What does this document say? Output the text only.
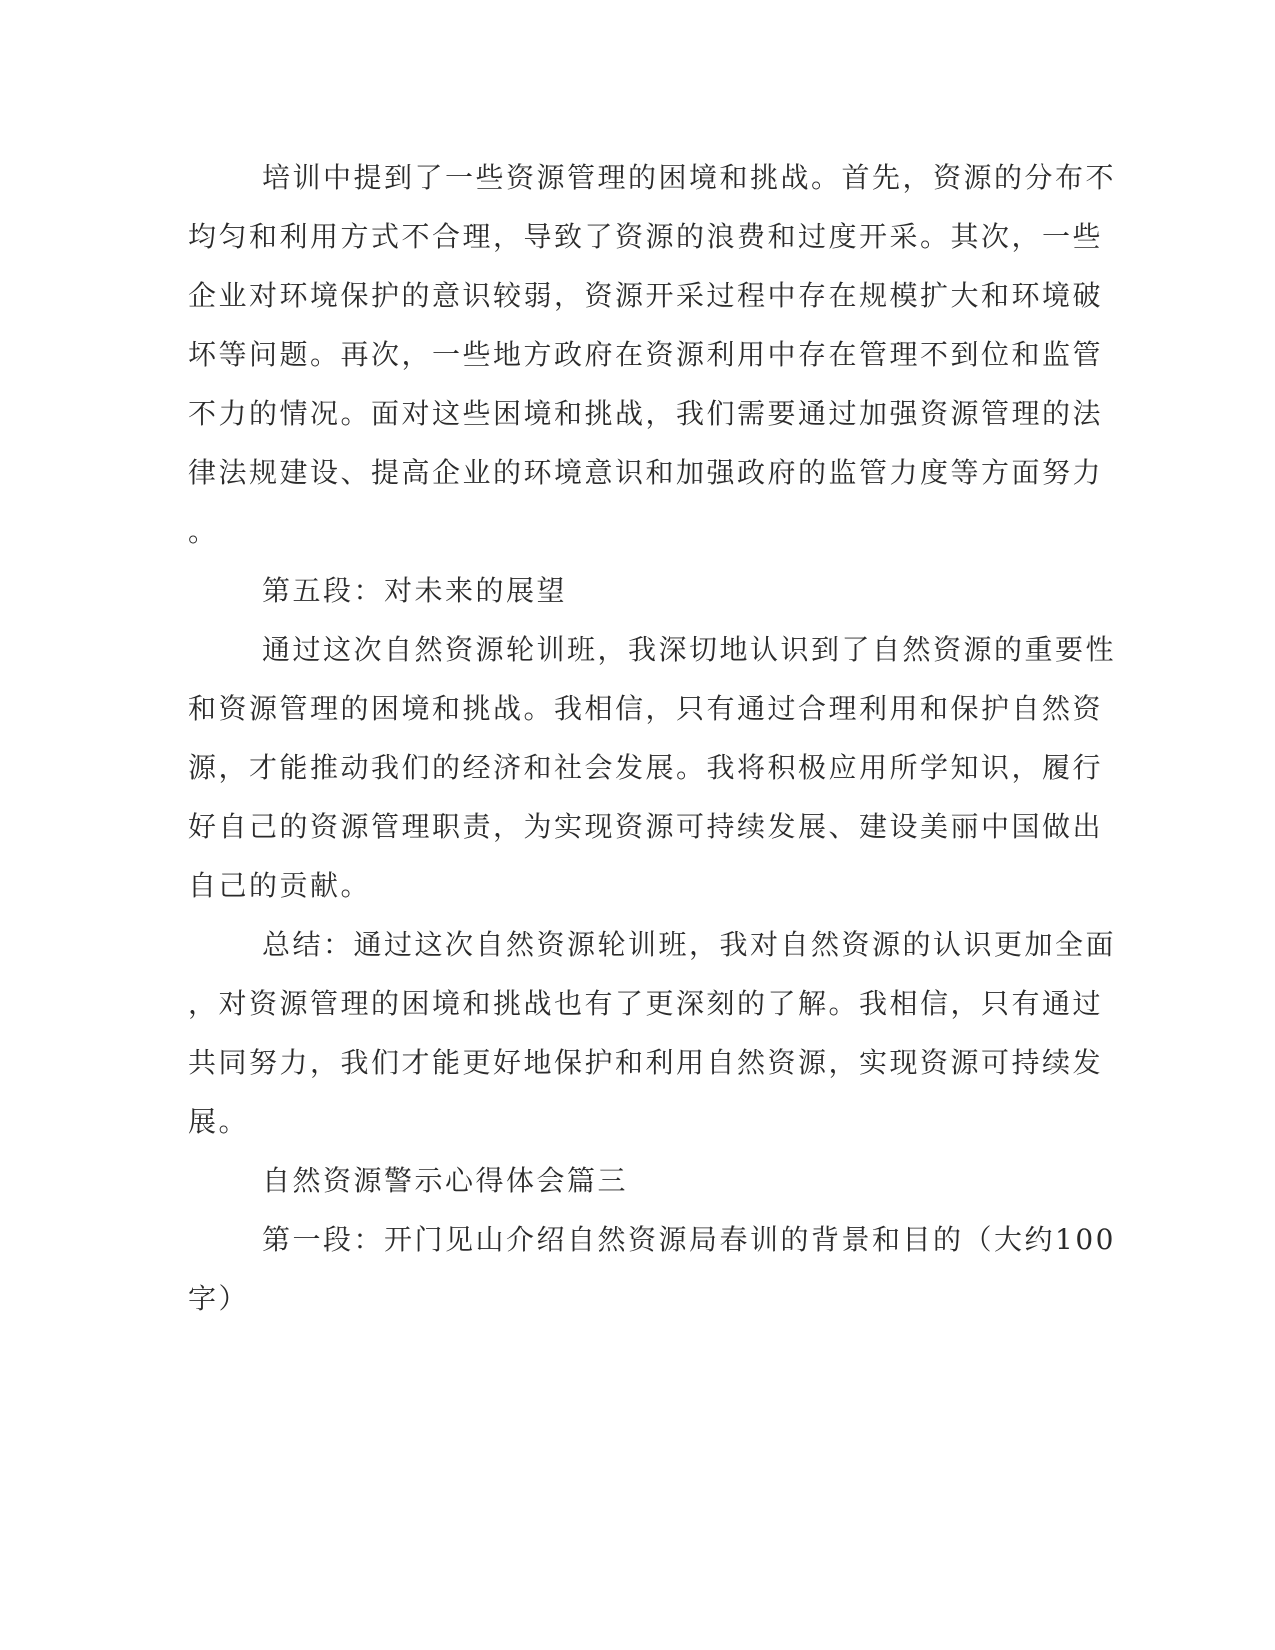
培训中提到了一些资源管理的困境和挑战。首先，资源的分布不
均匀和利用方式不合理，导致了资源的浪费和过度开采。其次，一些
企业对环境保护的意识较弱，资源开采过程中存在规模扩大和环境破
坏等问题。再次，一些地方政府在资源利用中存在管理不到位和监管
不力的情况。面对这些困境和挑战，我们需要通过加强资源管理的法
律法规建设、提高企业的环境意识和加强政府的监管力度等方面努力
。
第五段：对未来的展望
通过这次自然资源轮训班，我深切地认识到了自然资源的重要性
和资源管理的困境和挑战。我相信，只有通过合理利用和保护自然资
源，才能推动我们的经济和社会发展。我将积极应用所学知识，履行
好自己的资源管理职责，为实现资源可持续发展、建设美丽中国做出
自己的贡献。
总结：通过这次自然资源轮训班，我对自然资源的认识更加全面
，对资源管理的困境和挑战也有了更深刻的了解。我相信，只有通过
共同努力，我们才能更好地保护和利用自然资源，实现资源可持续发
展。
自然资源警示心得体会篇三
第一段：开门见山介绍自然资源局春训的背景和目的（大约100
字）
